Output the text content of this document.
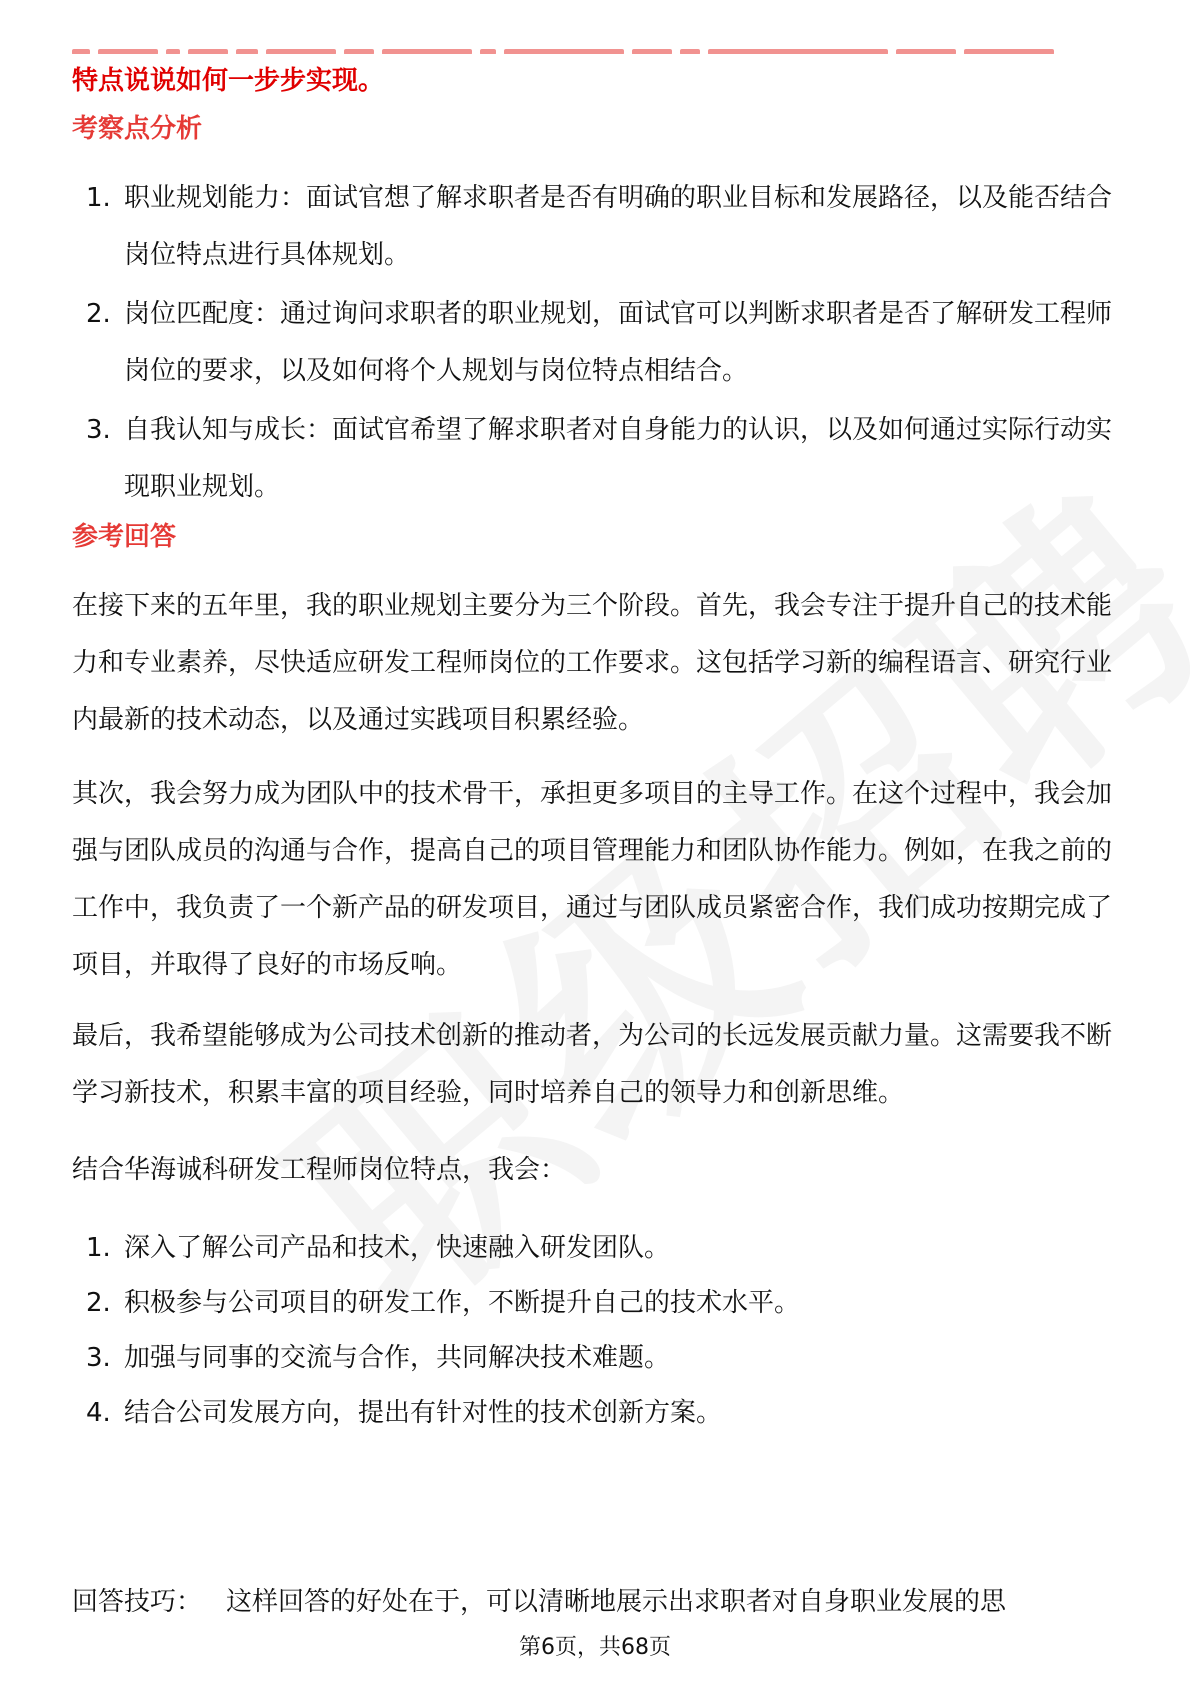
特点说说如何一步步实现。
考察点分析
1. 职业规划能力：面试官想了解求职者是否有明确的职业目标和发展路径，以及能否结合岗位特点进行具体规划。
2. 岗位匹配度：通过询问求职者的职业规划，面试官可以判断求职者是否了解研发工程师岗位的要求，以及如何将个人规划与岗位特点相结合。
3. 自我认知与成长：面试官希望了解求职者对自身能力的认识，以及如何通过实际行动实现职业规划。
参考回答

在接下来的五年里，我的职业规划主要分为三个阶段。首先，我会专注于提升自己的技术能力和专业素养，尽快适应研发工程师岗位的工作要求。这包括学习新的编程语言、研究行业内最新的技术动态，以及通过实践项目积累经验。

其次，我会努力成为团队中的技术骨干，承担更多项目的主导工作。在这个过程中，我会加强与团队成员的沟通与合作，提高自己的项目管理能力和团队协作能力。例如，在我之前的工作中，我负责了一个新产品的研发项目，通过与团队成员紧密合作，我们成功按期完成了项目，并取得了良好的市场反响。

最后，我希望能够成为公司技术创新的推动者，为公司的长远发展贡献力量。这需要我不断学习新技术，积累丰富的项目经验，同时培养自己的领导力和创新思维。

结合华海诚科研发工程师岗位特点，我会：

1. 深入了解公司产品和技术，快速融入研发团队。
2. 积极参与公司项目的研发工作，不断提升自己的技术水平。
3. 加强与同事的交流与合作，共同解决技术难题。
4. 结合公司发展方向，提出有针对性的技术创新方案。
回答技巧： 这样回答的好处在于，可以清晰地展示出求职者对自身职业发展的思
第6页，共68页
